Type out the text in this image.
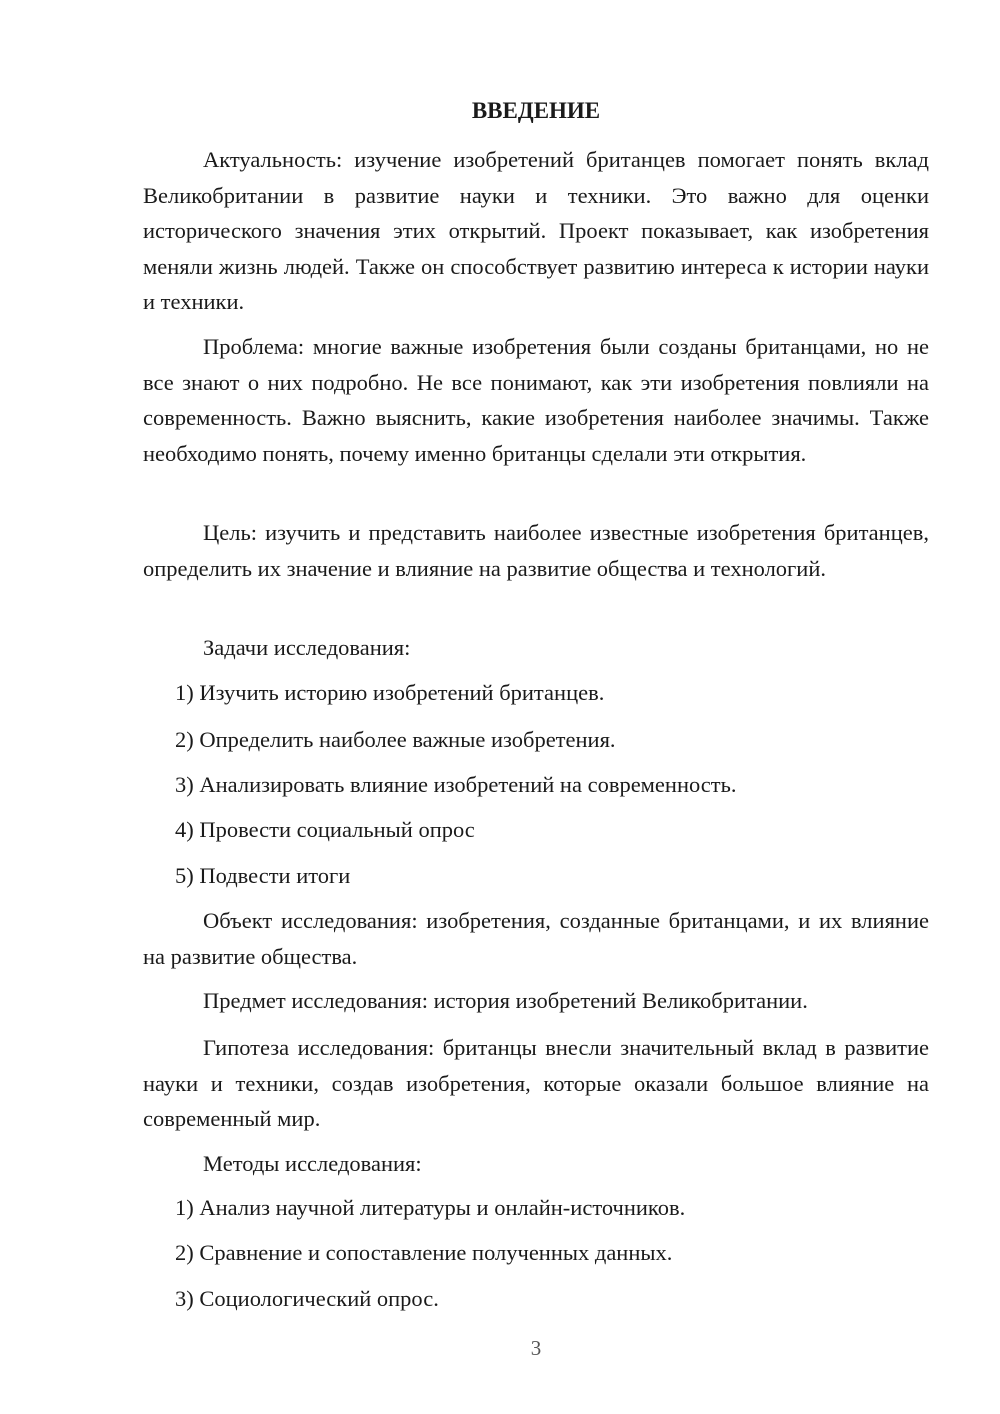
ВВЕДЕНИЕ

Актуальность: изучение изобретений британцев помогает понять вклад Великобритании в развитие науки и техники. Это важно для оценки исторического значения этих открытий. Проект показывает, как изобретения меняли жизнь людей. Также он способствует развитию интереса к истории науки и техники.

Проблема: многие важные изобретения были созданы британцами, но не все знают о них подробно. Не все понимают, как эти изобретения повлияли на современность. Важно выяснить, какие изобретения наиболее значимы. Также необходимо понять, почему именно британцы сделали эти открытия.

Цель: изучить и представить наиболее известные изобретения британцев, определить их значение и влияние на развитие общества и технологий.

Задачи исследования:

1) Изучить историю изобретений британцев.

2) Определить наиболее важные изобретения.

3) Анализировать влияние изобретений на современность.

4) Провести социальный опрос

5) Подвести итоги

Объект исследования: изобретения, созданные британцами, и их влияние на развитие общества.

Предмет исследования: история изобретений Великобритании.

Гипотеза исследования: британцы внесли значительный вклад в развитие науки и техники, создав изобретения, которые оказали большое влияние на современный мир.

Методы исследования:

1) Анализ научной литературы и онлайн-источников.

2) Сравнение и сопоставление полученных данных.

3) Социологический опрос.

3
